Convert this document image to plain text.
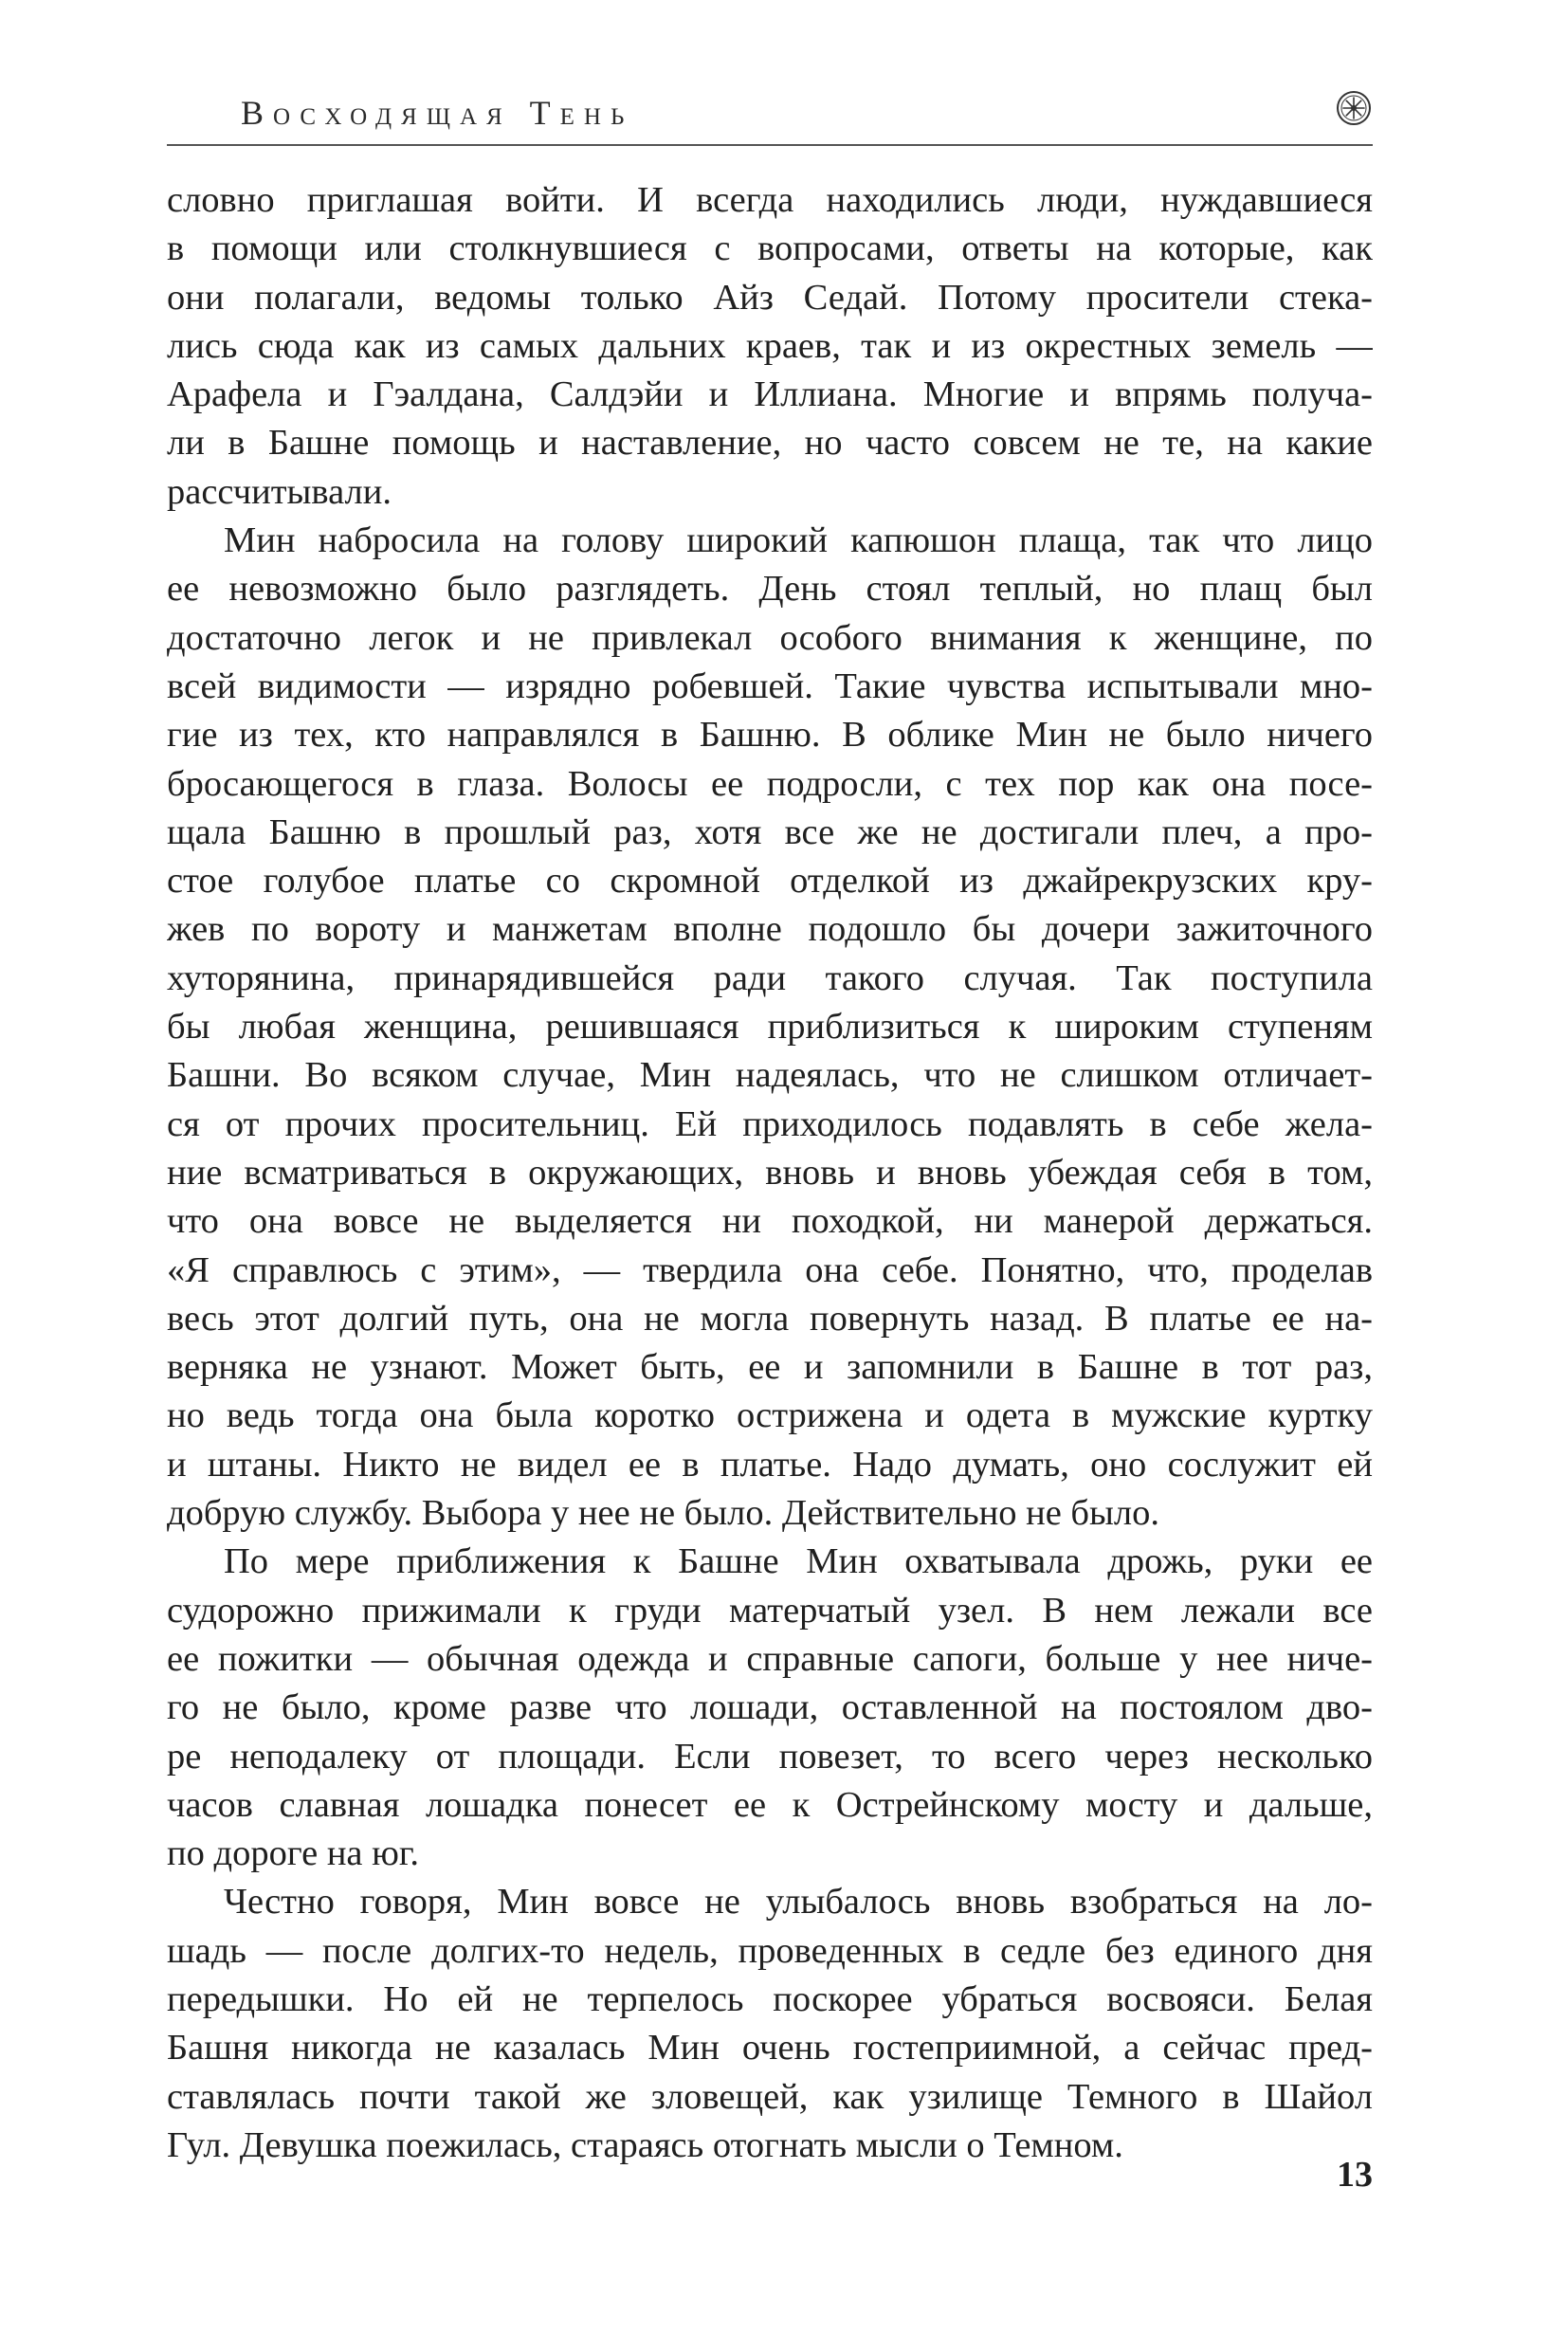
Восходящая Тень
словно приглашая войти. И всегда находились люди, нуждавшиеся
в помощи или столкнувшиеся с вопросами, ответы на которые, как
они полагали, ведомы только Айз Седай. Потому просители стека-
лись сюда как из самых дальних краев, так и из окрестных земель —
Арафела и Гэалдана, Салдэйи и Иллиана. Многие и впрямь получа-
ли в Башне помощь и наставление, но часто совсем не те, на какие
рассчитывали.
Мин набросила на голову широкий капюшон плаща, так что лицо
ее невозможно было разглядеть. День стоял теплый, но плащ был
достаточно легок и не привлекал особого внимания к женщине, по
всей видимости — изрядно робевшей. Такие чувства испытывали мно-
гие из тех, кто направлялся в Башню. В облике Мин не было ничего
бросающегося в глаза. Волосы ее подросли, с тех пор как она посе-
щала Башню в прошлый раз, хотя все же не достигали плеч, а про-
стое голубое платье со скромной отделкой из джайрекрузских кру-
жев по вороту и манжетам вполне подошло бы дочери зажиточного
хуторянина, принарядившейся ради такого случая. Так поступила
бы любая женщина, решившаяся приблизиться к широким ступеням
Башни. Во всяком случае, Мин надеялась, что не слишком отличает-
ся от прочих просительниц. Ей приходилось подавлять в себе жела-
ние всматриваться в окружающих, вновь и вновь убеждая себя в том,
что она вовсе не выделяется ни походкой, ни манерой держаться.
«Я справлюсь с этим», — твердила она себе. Понятно, что, проделав
весь этот долгий путь, она не могла повернуть назад. В платье ее на-
верняка не узнают. Может быть, ее и запомнили в Башне в тот раз,
но ведь тогда она была коротко острижена и одета в мужские куртку
и штаны. Никто не видел ее в платье. Надо думать, оно сослужит ей
добрую службу. Выбора у нее не было. Действительно не было.
По мере приближения к Башне Мин охватывала дрожь, руки ее
судорожно прижимали к груди матерчатый узел. В нем лежали все
ее пожитки — обычная одежда и справные сапоги, больше у нее ниче-
го не было, кроме разве что лошади, оставленной на постоялом дво-
ре неподалеку от площади. Если повезет, то всего через несколько
часов славная лошадка понесет ее к Острейнскому мосту и дальше,
по дороге на юг.
Честно говоря, Мин вовсе не улыбалось вновь взобраться на ло-
шадь — после долгих-то недель, проведенных в седле без единого дня
передышки. Но ей не терпелось поскорее убраться восвояси. Белая
Башня никогда не казалась Мин очень гостеприимной, а сейчас пред-
ставлялась почти такой же зловещей, как узилище Темного в Шайол
Гул. Девушка поежилась, стараясь отогнать мысли о Темном.
13
